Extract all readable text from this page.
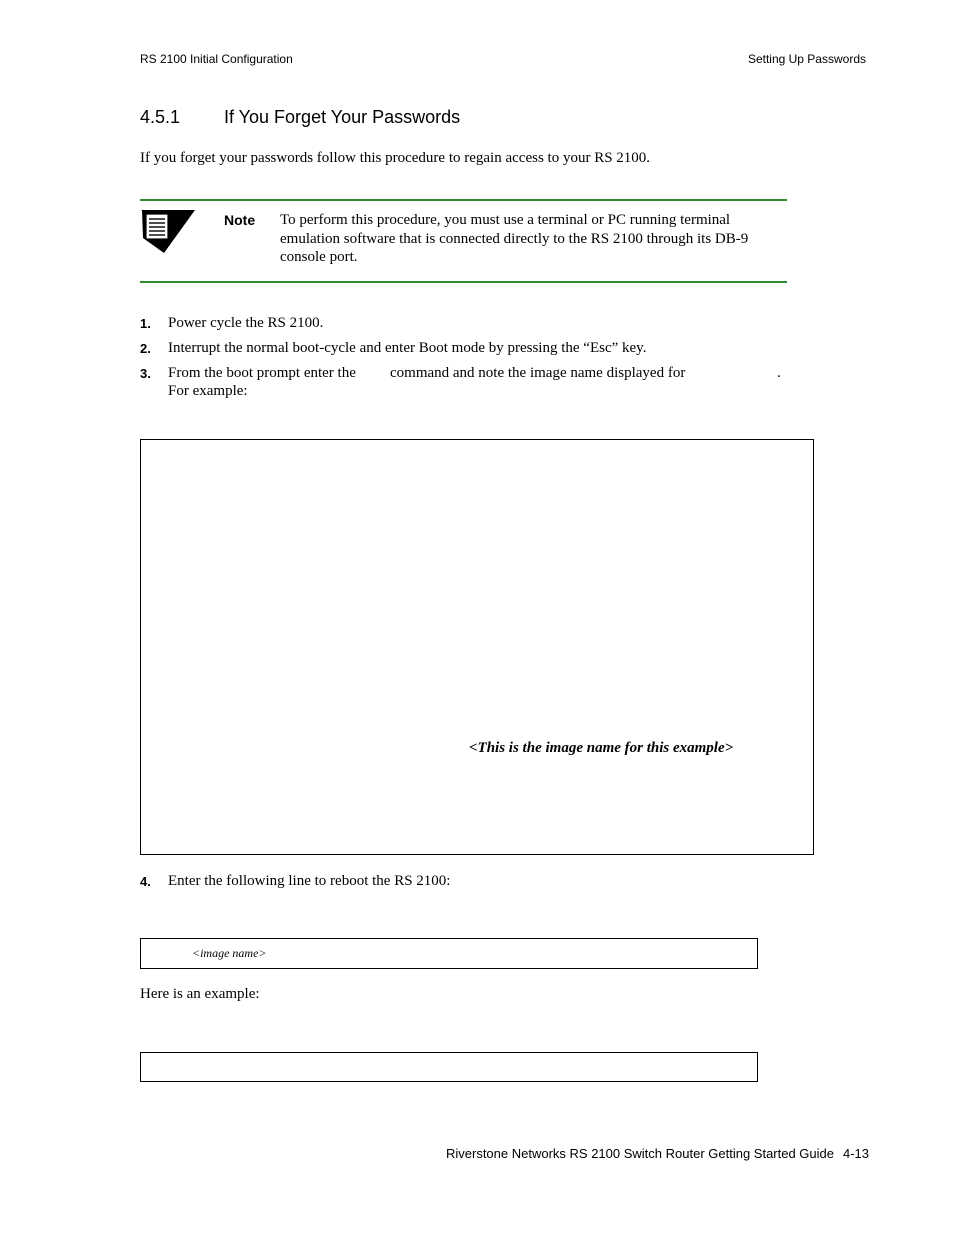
RS 2100 Initial Configuration	Setting Up Passwords
4.5.1 If You Forget Your Passwords
If you forget your passwords follow this procedure to regain access to your RS 2100.
Note To perform this procedure, you must use a terminal or PC running terminal emulation software that is connected directly to the RS 2100 through its DB-9 console port.
1. Power cycle the RS 2100.
2. Interrupt the normal boot-cycle and enter Boot mode by pressing the “Esc” key.
3. From the boot prompt enter the command and note the image name displayed for	.
For example:
<This is the image name for this example>
4. Enter the following line to reboot the RS 2100:
<image name>
Here is an example:
Riverstone Networks RS 2100 Switch Router Getting Started Guide 4-13
